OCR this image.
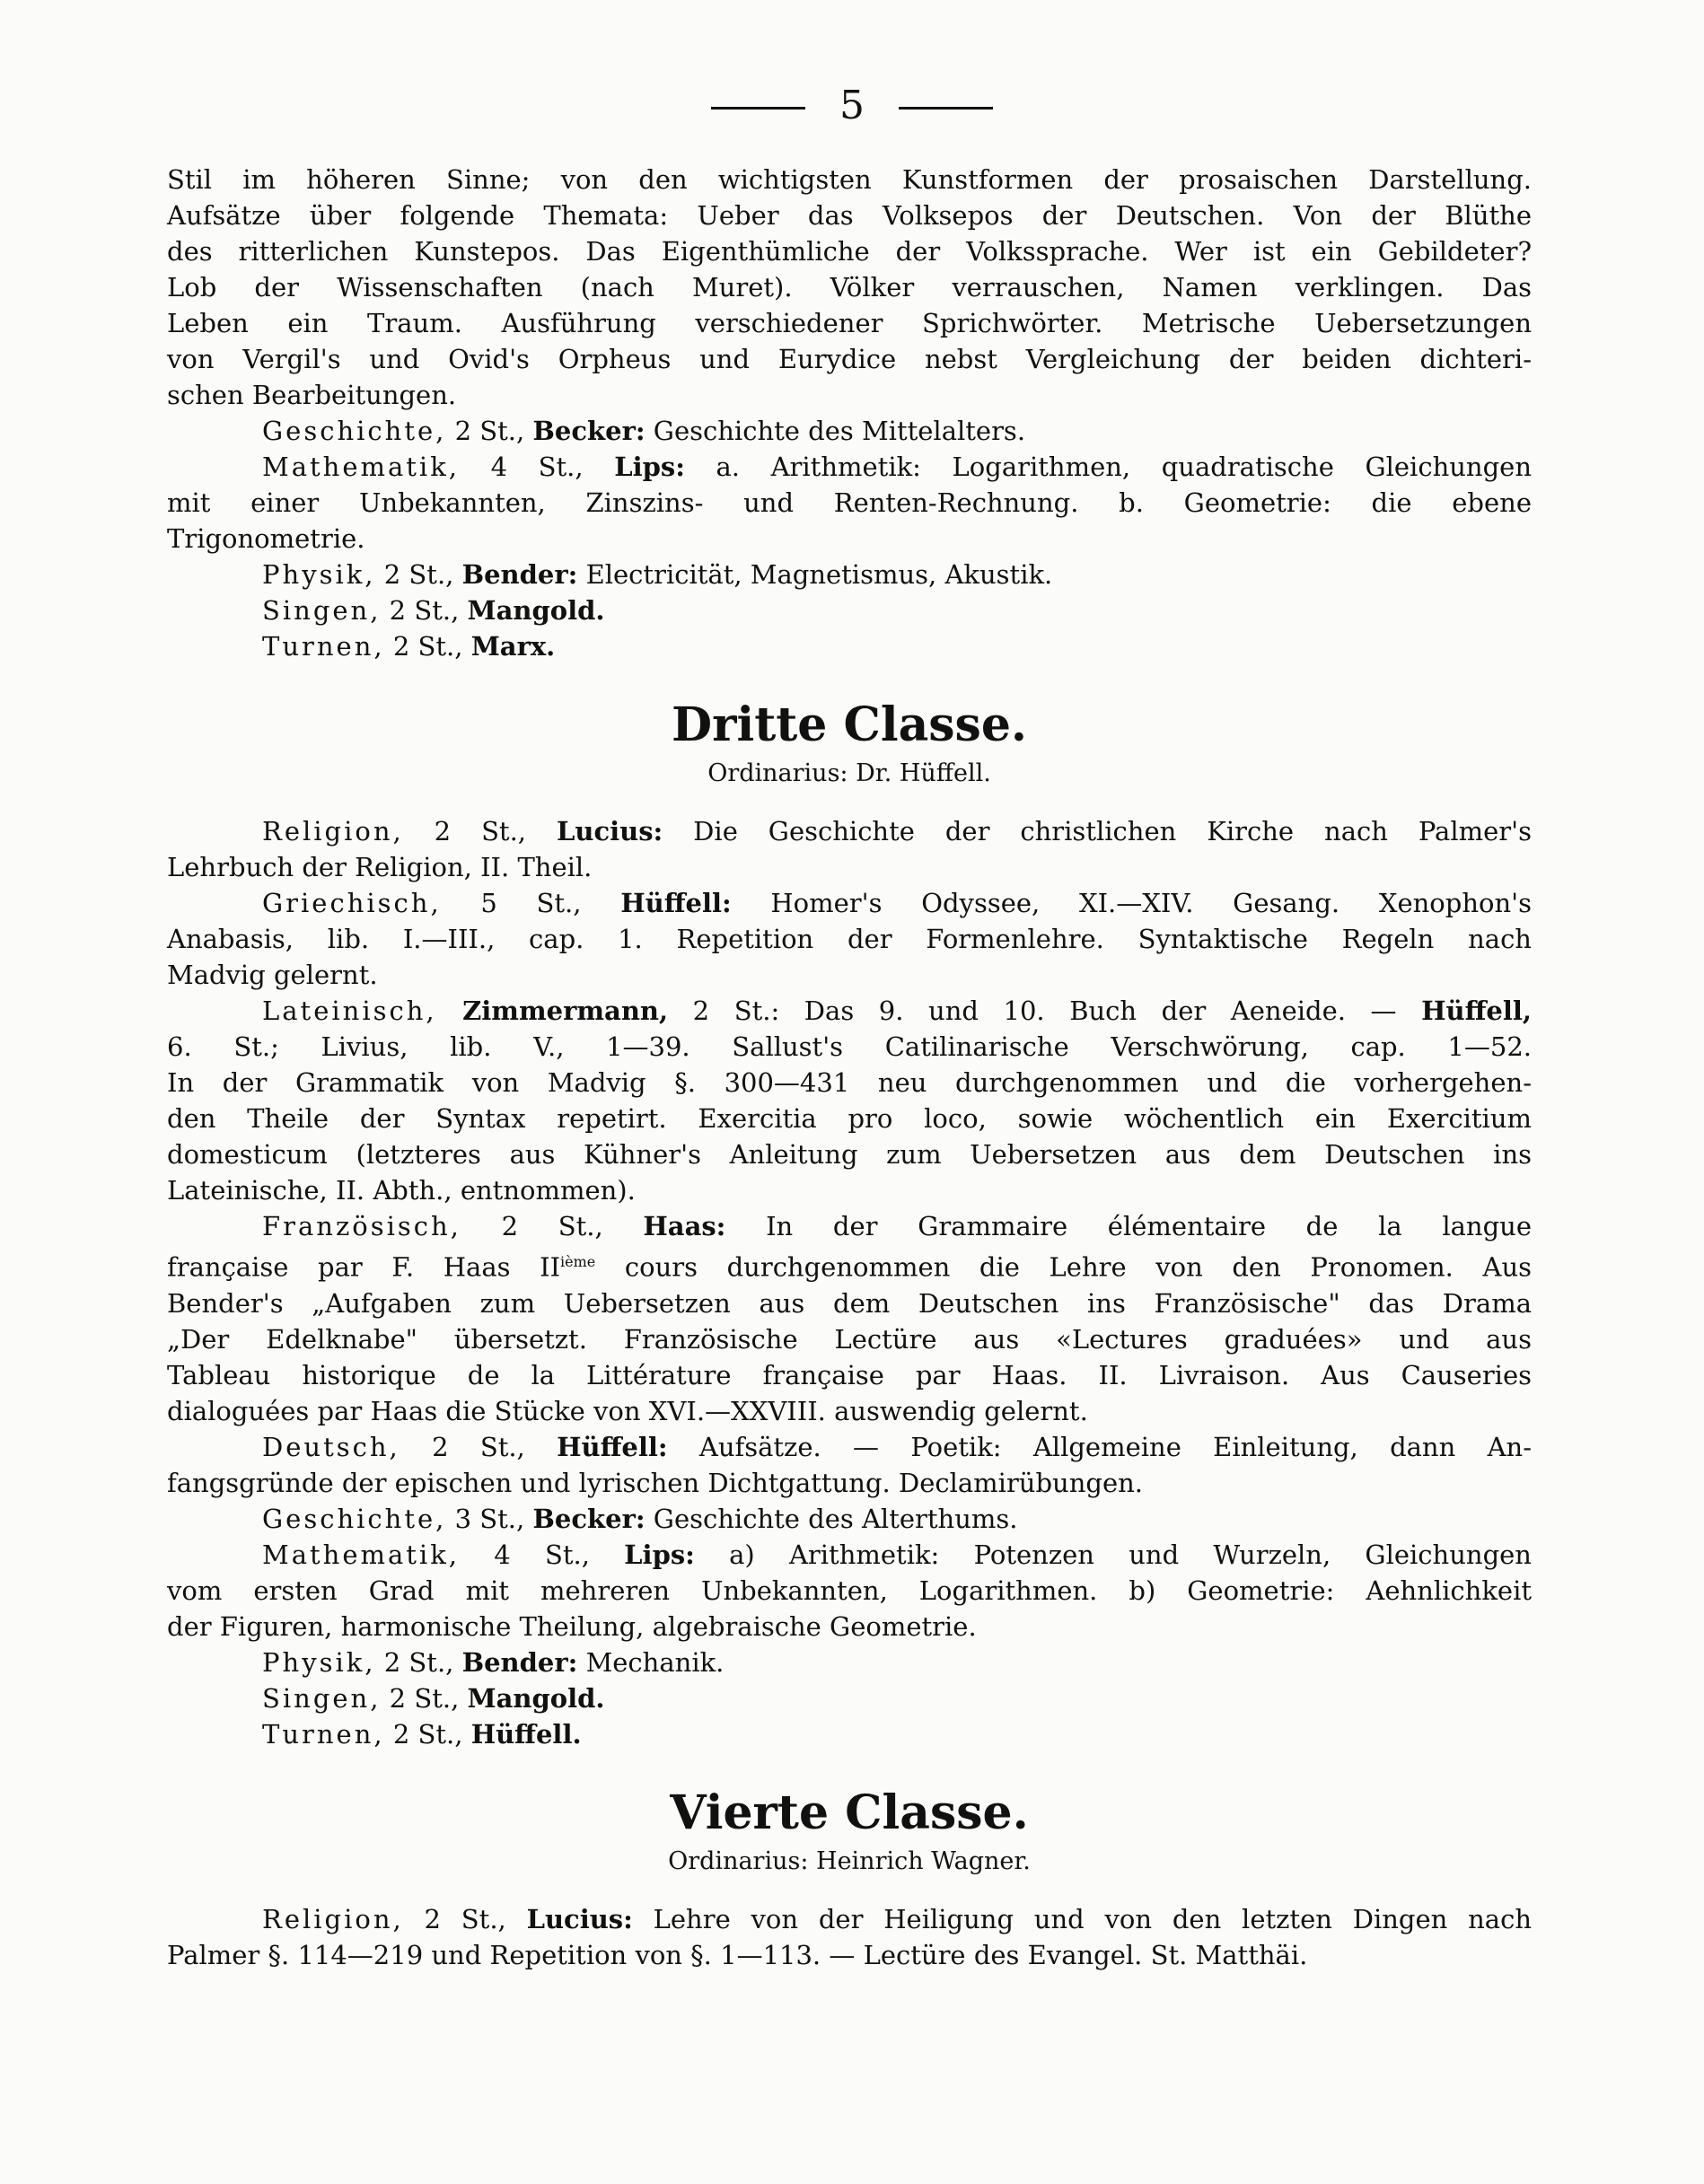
5
Stil im höheren Sinne; von den wichtigsten Kunstformen der prosaischen Darstellung.
Aufsätze über folgende Themata: Ueber das Volksepos der Deutschen. Von der Blüthe
des ritterlichen Kunstepos. Das Eigenthümliche der Volkssprache. Wer ist ein Gebildeter?
Lob der Wissenschaften (nach Muret). Völker verrauschen, Namen verklingen. Das
Leben ein Traum. Ausführung verschiedener Sprichwörter. Metrische Uebersetzungen
von Vergil's und Ovid's Orpheus und Eurydice nebst Vergleichung der beiden dichteri-
schen Bearbeitungen.
Geschichte, 2 St., Becker: Geschichte des Mittelalters.
Mathematik, 4 St., Lips: a. Arithmetik: Logarithmen, quadratische Gleichungen
mit einer Unbekannten, Zinszins- und Renten-Rechnung. b. Geometrie: die ebene
Trigonometrie.
Physik, 2 St., Bender: Electricität, Magnetismus, Akustik.
Singen, 2 St., Mangold.
Turnen, 2 St., Marx.
Dritte Classe.
Ordinarius: Dr. Hüffell.
Religion, 2 St., Lucius: Die Geschichte der christlichen Kirche nach Palmer's
Lehrbuch der Religion, II. Theil.
Griechisch, 5 St., Hüffell: Homer's Odyssee, XI.—XIV. Gesang. Xenophon's
Anabasis, lib. I.—III., cap. 1. Repetition der Formenlehre. Syntaktische Regeln nach
Madvig gelernt.
Lateinisch, Zimmermann, 2 St.: Das 9. und 10. Buch der Aeneide. — Hüffell,
6. St.; Livius, lib. V., 1—39. Sallust's Catilinarische Verschwörung, cap. 1—52.
In der Grammatik von Madvig §. 300—431 neu durchgenommen und die vorhergehen-
den Theile der Syntax repetirt. Exercitia pro loco, sowie wöchentlich ein Exercitium
domesticum (letzteres aus Kühner's Anleitung zum Uebersetzen aus dem Deutschen ins
Lateinische, II. Abth., entnommen).
Französisch, 2 St., Haas: In der Grammaire élémentaire de la langue
française par F. Haas IIième cours durchgenommen die Lehre von den Pronomen. Aus
Bender's „Aufgaben zum Uebersetzen aus dem Deutschen ins Französische" das Drama
„Der Edelknabe" übersetzt. Französische Lectüre aus «Lectures graduées» und aus
Tableau historique de la Littérature française par Haas. II. Livraison. Aus Causeries
dialoguées par Haas die Stücke von XVI.—XXVIII. auswendig gelernt.
Deutsch, 2 St., Hüffell: Aufsätze. — Poetik: Allgemeine Einleitung, dann An-
fangsgründe der epischen und lyrischen Dichtgattung. Declamirübungen.
Geschichte, 3 St., Becker: Geschichte des Alterthums.
Mathematik, 4 St., Lips: a) Arithmetik: Potenzen und Wurzeln, Gleichungen
vom ersten Grad mit mehreren Unbekannten, Logarithmen. b) Geometrie: Aehnlichkeit
der Figuren, harmonische Theilung, algebraische Geometrie.
Physik, 2 St., Bender: Mechanik.
Singen, 2 St., Mangold.
Turnen, 2 St., Hüffell.
Vierte Classe.
Ordinarius: Heinrich Wagner.
Religion, 2 St., Lucius: Lehre von der Heiligung und von den letzten Dingen nach
Palmer §. 114—219 und Repetition von §. 1—113. — Lectüre des Evangel. St. Matthäi.
